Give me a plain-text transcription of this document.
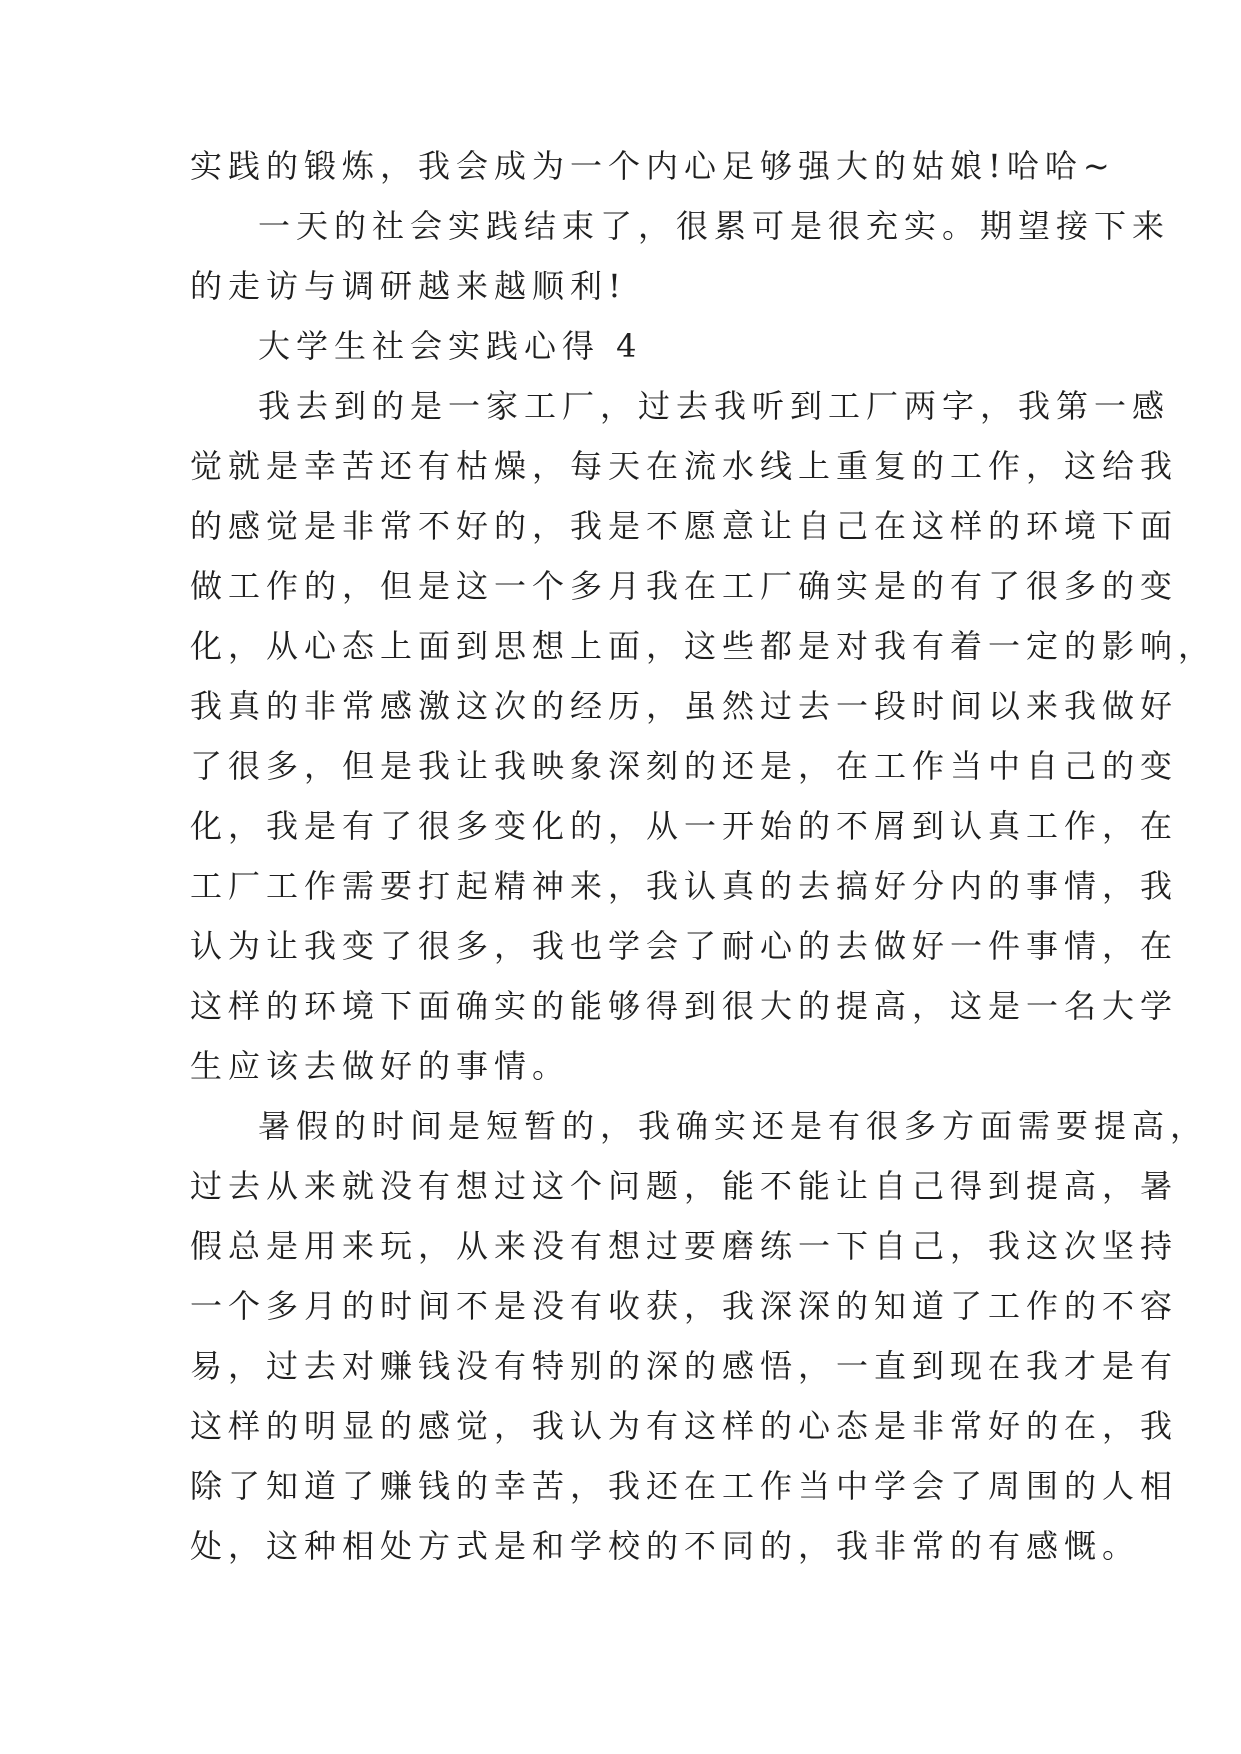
实践的锻炼，我会成为一个内心足够强大的姑娘!哈哈~
一天的社会实践结束了，很累可是很充实。期望接下来
的走访与调研越来越顺利!
大学生社会实践心得 4
我去到的是一家工厂，过去我听到工厂两字，我第一感
觉就是幸苦还有枯燥，每天在流水线上重复的工作，这给我
的感觉是非常不好的，我是不愿意让自己在这样的环境下面
做工作的，但是这一个多月我在工厂确实是的有了很多的变
化，从心态上面到思想上面，这些都是对我有着一定的影响，
我真的非常感激这次的经历，虽然过去一段时间以来我做好
了很多，但是我让我映象深刻的还是，在工作当中自己的变
化，我是有了很多变化的，从一开始的不屑到认真工作，在
工厂工作需要打起精神来，我认真的去搞好分内的事情，我
认为让我变了很多，我也学会了耐心的去做好一件事情，在
这样的环境下面确实的能够得到很大的提高，这是一名大学
生应该去做好的事情。
暑假的时间是短暂的，我确实还是有很多方面需要提高，
过去从来就没有想过这个问题，能不能让自己得到提高，暑
假总是用来玩，从来没有想过要磨练一下自己，我这次坚持
一个多月的时间不是没有收获，我深深的知道了工作的不容
易，过去对赚钱没有特别的深的感悟，一直到现在我才是有
这样的明显的感觉，我认为有这样的心态是非常好的在，我
除了知道了赚钱的幸苦，我还在工作当中学会了周围的人相
处，这种相处方式是和学校的不同的，我非常的有感慨。
